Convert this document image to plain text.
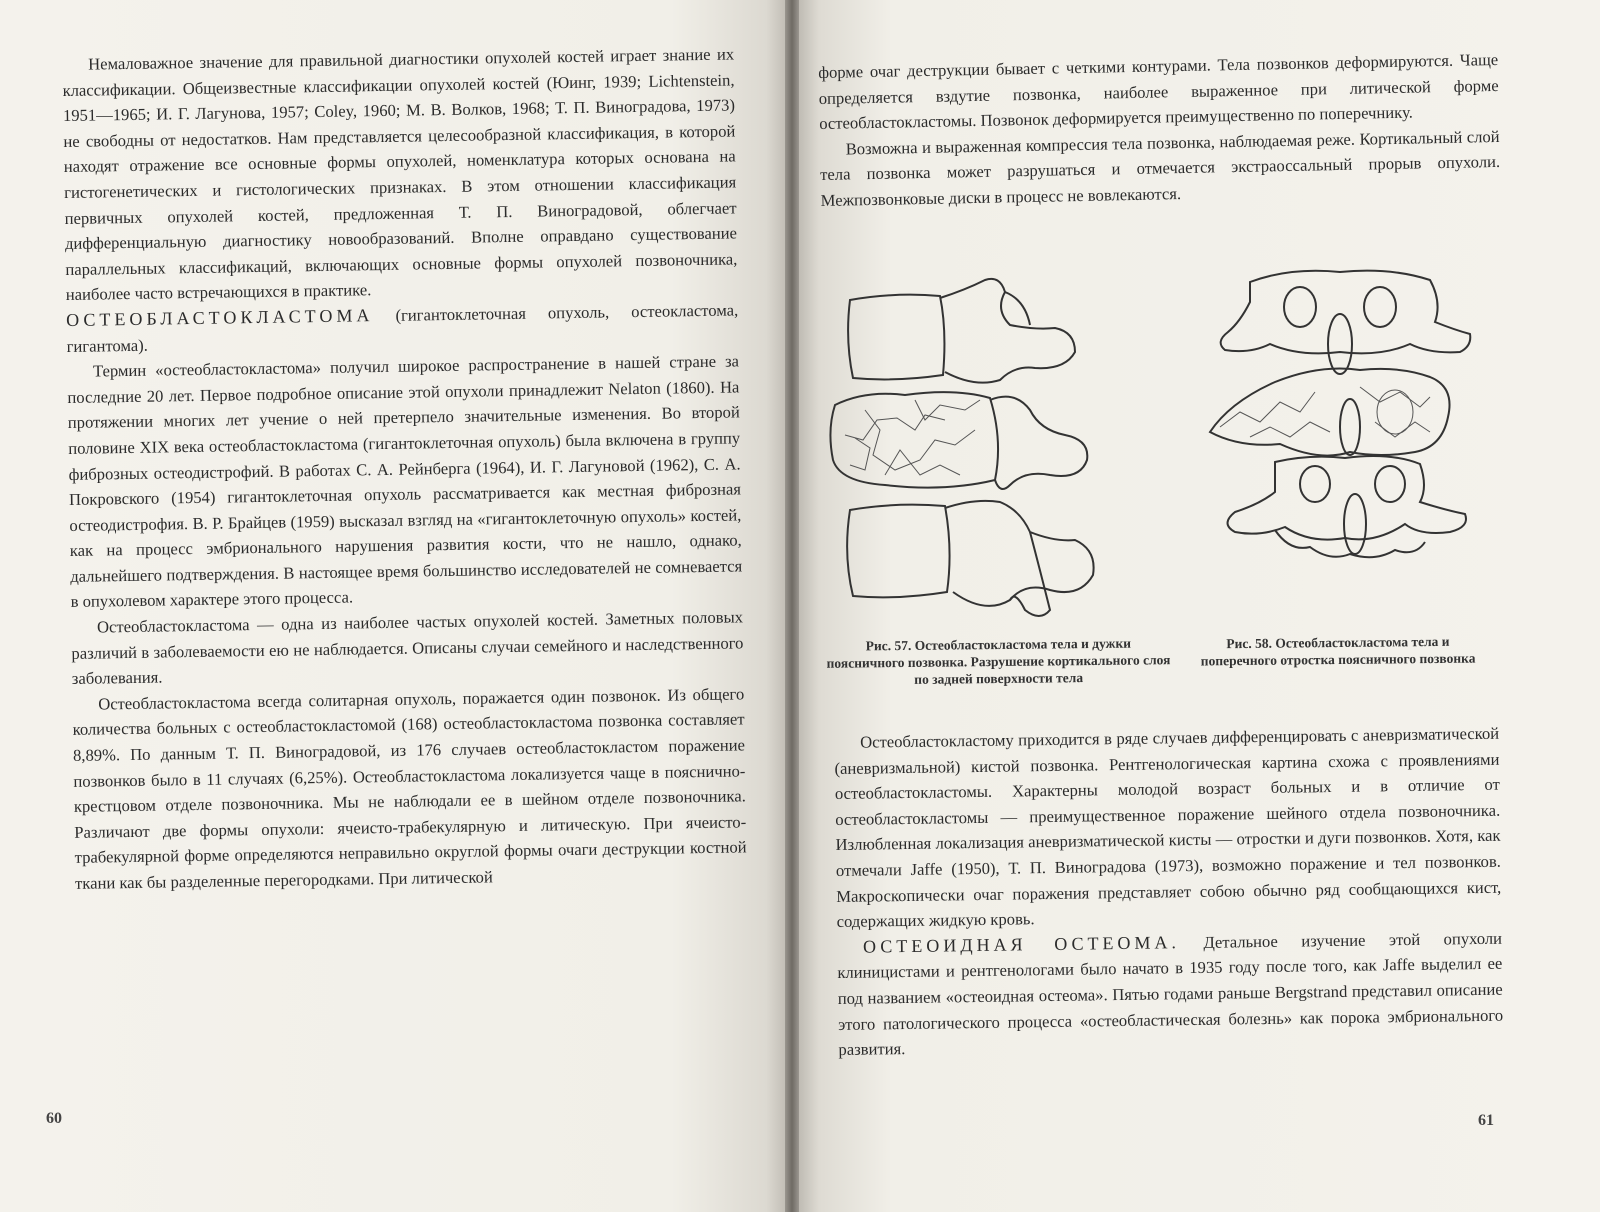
Немаловажное значение для правильной диагностики опухолей костей играет знание их классификации. Общеизвестные классификации опухолей костей (Юинг, 1939; Lichtenstein, 1951—1965; И. Г. Лагунова, 1957; Coley, 1960; М. В. Волков, 1968; Т. П. Виноградова, 1973) не свободны от недостатков. Нам представляется целесообразной классификация, в которой находят отражение все основные формы опухолей, номенклатура которых основана на гистогенетических и гистологических признаках. В этом отношении классификация первичных опухолей костей, предложенная Т. П. Виноградовой, облегчает дифференциальную диагностику новообразований. Вполне оправдано существование параллельных классификаций, включающих основные формы опухолей позвоночника, наиболее часто встречающихся в практике.

ОСТЕОБЛАСТОКЛАСТОМА (гигантоклеточная опухоль, остеокластома, гигантома).

Термин «остеобластокластома» получил широкое распространение в нашей стране за последние 20 лет. Первое подробное описание этой опухоли принадлежит Nelaton (1860). На протяжении многих лет учение о ней претерпело значительные изменения. Во второй половине XIX века остеобластокластома (гигантоклеточная опухоль) была включена в группу фиброзных остеодистрофий. В работах С. А. Рейнберга (1964), И. Г. Лагуновой (1962), С. А. Покровского (1954) гигантоклеточная опухоль рассматривается как местная фиброзная остеодистрофия. В. Р. Брайцев (1959) высказал взгляд на «гигантоклеточную опухоль» костей, как на процесс эмбрионального нарушения развития кости, что не нашло, однако, дальнейшего подтверждения. В настоящее время большинство исследователей не сомневается в опухолевом характере этого процесса.

Остеобластокластома — одна из наиболее частых опухолей костей. Заметных половых различий в заболеваемости ею не наблюдается. Описаны случаи семейного и наследственного заболевания.

Остеобластокластома всегда солитарная опухоль, поражается один позвонок. Из общего количества больных с остеобластокластомой (168) остеобластокластома позвонка составляет 8,89%. По данным Т. П. Виноградовой, из 176 случаев остеобластокластом поражение позвонков было в 11 случаях (6,25%). Остеобластокластома локализуется чаще в пояснично-крестцовом отделе позвоночника. Мы не наблюдали ее в шейном отделе позвоночника. Различают две формы опухоли: ячеисто-трабекулярную и литическую. При ячеисто-трабекулярной форме определяются неправильно округлой формы очаги деструкции костной ткани как бы разделенные перегородками. При литической

60

форме очаг деструкции бывает с четкими контурами. Тела позвонков деформируются. Чаще определяется вздутие позвонка, наиболее выраженное при литической форме остеобластокластомы. Позвонок деформируется преимущественно по поперечнику.

Возможна и выраженная компрессия тела позвонка, наблюдаемая реже. Кортикальный слой тела позвонка может разрушаться и отмечается экстраоссальный прорыв опухоли. Межпозвонковые диски в процесс не вовлекаются.

Рис. 57. Остеобластокластома тела и дужки поясничного позвонка. Разрушение кортикального слоя по задней поверхности тела
Рис. 58. Остеобластокластома тела и поперечного отростка поясничного позвонка

Остеобластокластому приходится в ряде случаев дифференцировать с аневризматической (аневризмальной) кистой позвонка. Рентгенологическая картина схожа с проявлениями остеобластокластомы. Характерны молодой возраст больных и в отличие от остеобластокластомы — преимущественное поражение шейного отдела позвоночника. Излюбленная локализация аневризматической кисты — отростки и дуги позвонков. Хотя, как отмечали Jaffe (1950), Т. П. Виноградова (1973), возможно поражение и тел позвонков. Макроскопически очаг поражения представляет собою обычно ряд сообщающихся кист, содержащих жидкую кровь.

ОСТЕОИДНАЯ ОСТЕОМА. Детальное изучение этой опухоли клиницистами и рентгенологами было начато в 1935 году после того, как Jaffe выделил ее под названием «остеоидная остеома». Пятью годами раньше Bergstrand представил описание этого патологического процесса «остеобластическая болезнь» как порока эмбрионального развития.

61
